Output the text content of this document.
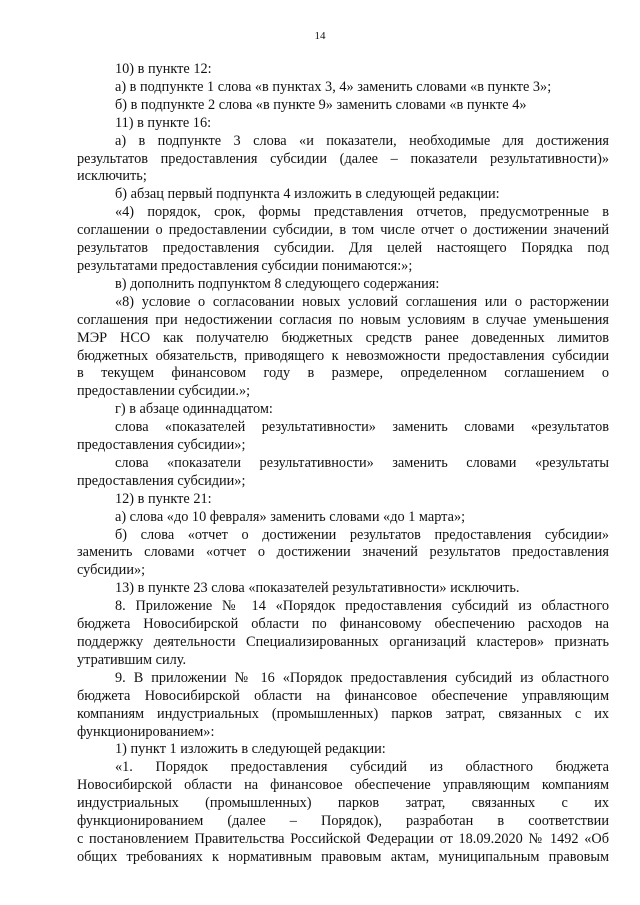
14
10) в пункте 12:
а) в подпункте 1 слова «в пунктах 3, 4» заменить словами «в пункте 3»;
б) в подпункте 2 слова «в пункте 9» заменить словами «в пункте 4»
11) в пункте 16:
а) в подпункте 3 слова «и показатели, необходимые для достижения
результатов предоставления субсидии (далее – показатели результативности)»
исключить;
б) абзац первый подпункта 4 изложить в следующей редакции:
«4) порядок, срок, формы представления отчетов, предусмотренные в
соглашении о предоставлении субсидии, в том числе отчет о достижении значений
результатов предоставления субсидии. Для целей настоящего Порядка под
результатами предоставления субсидии понимаются:»;
в) дополнить подпунктом 8 следующего содержания:
«8) условие о согласовании новых условий соглашения или о расторжении
соглашения при недостижении согласия по новым условиям в случае уменьшения
МЭР НСО как получателю бюджетных средств ранее доведенных лимитов
бюджетных обязательств, приводящего к невозможности предоставления субсидии
в текущем финансовом году в размере, определенном соглашением о
предоставлении субсидии.»;
г) в абзаце одиннадцатом:
слова «показателей результативности» заменить словами «результатов
предоставления субсидии»;
слова «показатели результативности» заменить словами «результаты
предоставления субсидии»;
12) в пункте 21:
а) слова «до 10 февраля» заменить словами «до 1 марта»;
б) слова «отчет о достижении результатов предоставления субсидии»
заменить словами «отчет о достижении значений результатов предоставления
субсидии»;
13) в пункте 23 слова «показателей результативности» исключить.
8. Приложение № 14 «Порядок предоставления субсидий из областного
бюджета Новосибирской области по финансовому обеспечению расходов на
поддержку деятельности Специализированных организаций кластеров» признать
утратившим силу.
9. В приложении № 16 «Порядок предоставления субсидий из областного
бюджета Новосибирской области на финансовое обеспечение управляющим
компаниям индустриальных (промышленных) парков затрат, связанных с их
функционированием»:
1) пункт 1 изложить в следующей редакции:
«1. Порядок предоставления субсидий из областного бюджета
Новосибирской области на финансовое обеспечение управляющим компаниям
индустриальных (промышленных) парков затрат, связанных с их
функционированием (далее – Порядок), разработан в соответствии
с постановлением Правительства Российской Федерации от 18.09.2020 № 1492 «Об
общих требованиях к нормативным правовым актам, муниципальным правовым
